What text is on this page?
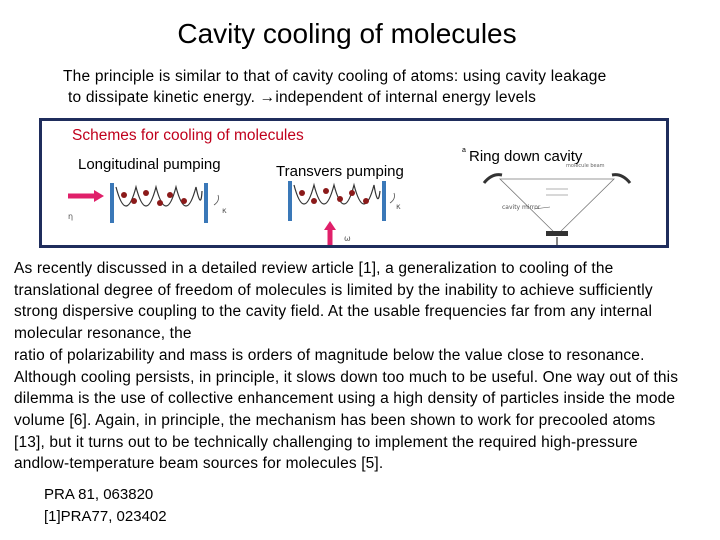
Cavity cooling of molecules
The principle is similar to that of cavity cooling of atoms: using cavity leakage
to dissipate kinetic energy. →independent of internal energy levels
Schemes for cooling of molecules
Longitudinal pumping	Transvers pumping
a Ring down cavity
η
κ
ω
κ
molecule beam
cavity mirror

As recently discussed in a detailed review article [1], a generalization to cooling of the

translational degree of freedom of molecules is limited by the inability to achieve sufficiently

strong dispersive coupling to the cavity field. At the usable frequencies far from any internal

molecular resonance, the

ratio of polarizability and mass is orders of magnitude below the value close to resonance.

Although cooling persists, in principle, it slows down too much to be useful. One way out of this

dilemma is the use of collective enhancement using a high density of particles inside the mode

volume [6]. Again, in principle, the mechanism has been shown to work for precooled atoms

[13], but it turns out to be technically challenging to implement the required high-pressure

andlow-temperature beam sources for molecules [5].

PRA 81, 063820
[1]PRA77, 023402
